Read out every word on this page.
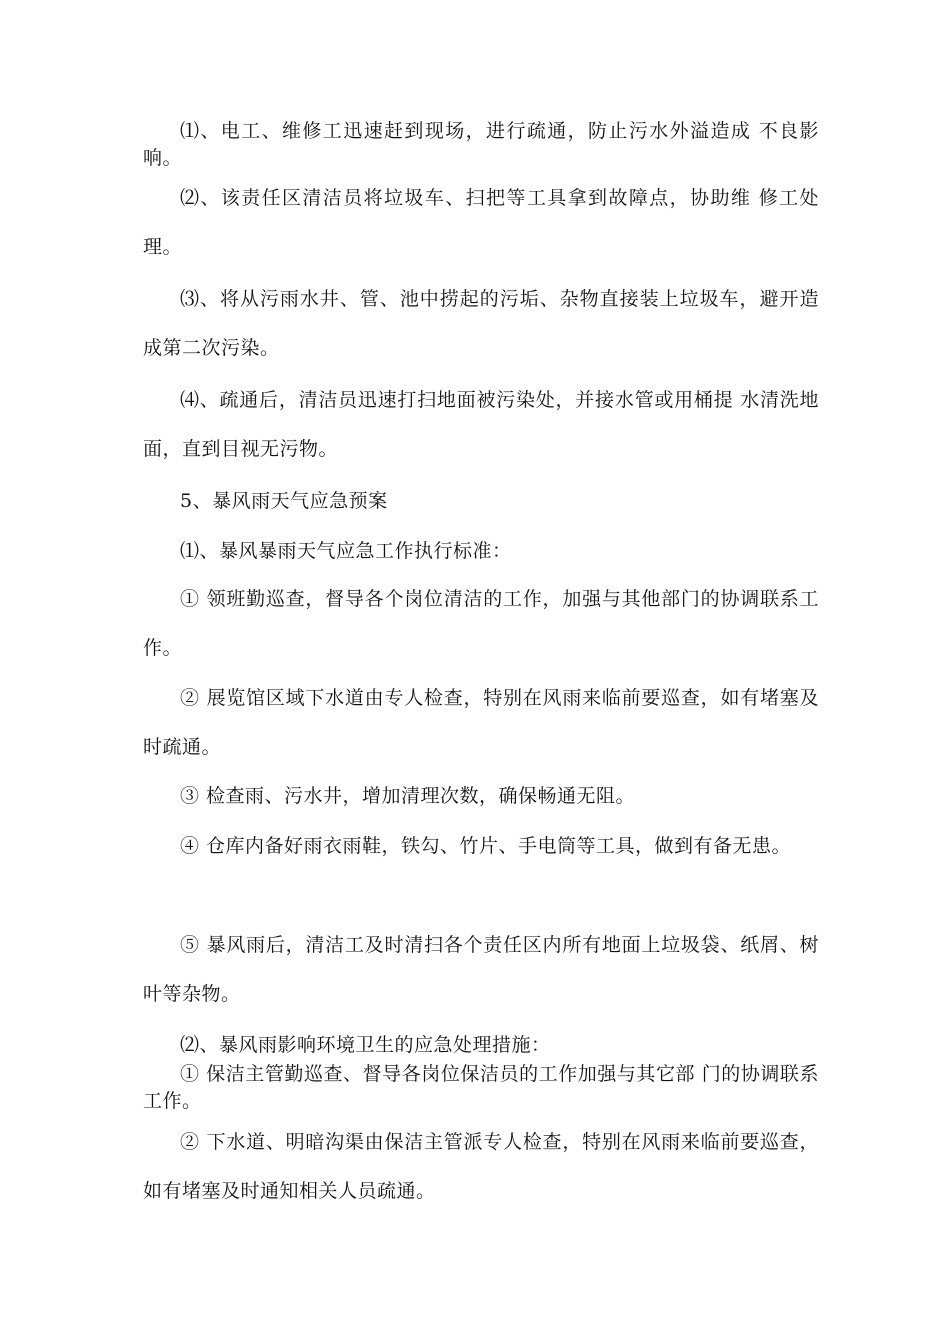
⑴、电工、维修工迅速赶到现场，进行疏通，防止污水外溢造成 不良影响。

⑵、该责任区清洁员将垃圾车、扫把等工具拿到故障点，协助维 修工处理。

⑶、将从污雨水井、管、池中捞起的污垢、杂物直接装上垃圾车，避开造成第二次污染。

⑷、疏通后，清洁员迅速打扫地面被污染处，并接水管或用桶提 水清洗地面，直到目视无污物。

5、暴风雨天气应急预案

⑴、暴风暴雨天气应急工作执行标准：

① 领班勤巡查，督导各个岗位清洁的工作，加强与其他部门的协调联系工作。

② 展览馆区域下水道由专人检查，特别在风雨来临前要巡查，如有堵塞及时疏通。

③ 检查雨、污水井，增加清理次数，确保畅通无阻。

④ 仓库内备好雨衣雨鞋，铁勾、竹片、手电筒等工具，做到有备无患。

⑤ 暴风雨后，清洁工及时清扫各个责任区内所有地面上垃圾袋、纸屑、树叶等杂物。

⑵、暴风雨影响环境卫生的应急处理措施：

① 保洁主管勤巡查、督导各岗位保洁员的工作加强与其它部 门的协调联系工作。

② 下水道、明暗沟渠由保洁主管派专人检查，特别在风雨来临前要巡查，如有堵塞及时通知相关人员疏通。
